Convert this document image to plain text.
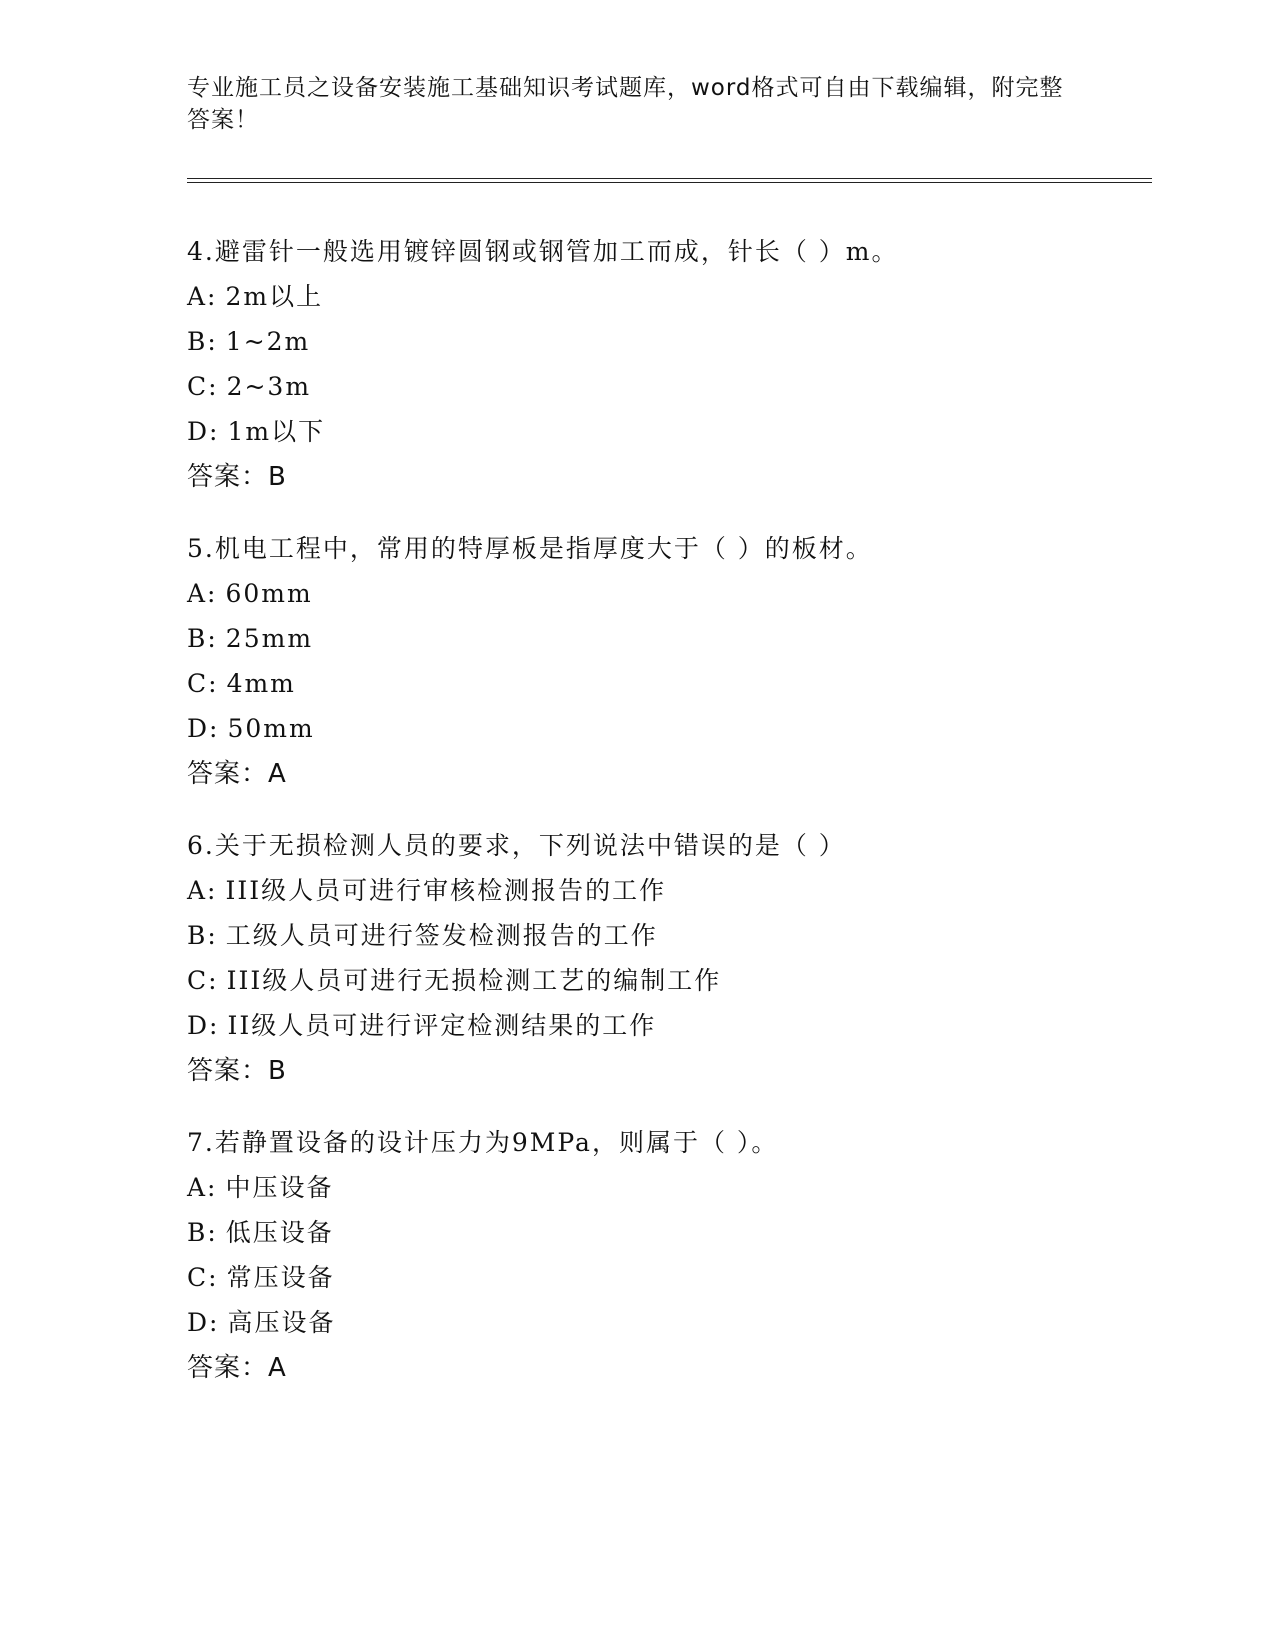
专业施工员之设备安装施工基础知识考试题库，word格式可自由下载编辑，附完整答案！
4.避雷针一般选用镀锌圆钢或钢管加工而成，针长（ ）m。
A: 2m以上
B: 1~2m
C: 2~3m
D: 1m以下
答案：B
5.机电工程中，常用的特厚板是指厚度大于（ ）的板材。
A: 60mm
B: 25mm
C: 4mm
D: 50mm
答案：A
6.关于无损检测人员的要求，下列说法中错误的是（ ）
A: III级人员可进行审核检测报告的工作
B: 工级人员可进行签发检测报告的工作
C: III级人员可进行无损检测工艺的编制工作
D: II级人员可进行评定检测结果的工作
答案：B
7.若静置设备的设计压力为9MPa，则属于（ ）。
A: 中压设备
B: 低压设备
C: 常压设备
D: 高压设备
答案：A
